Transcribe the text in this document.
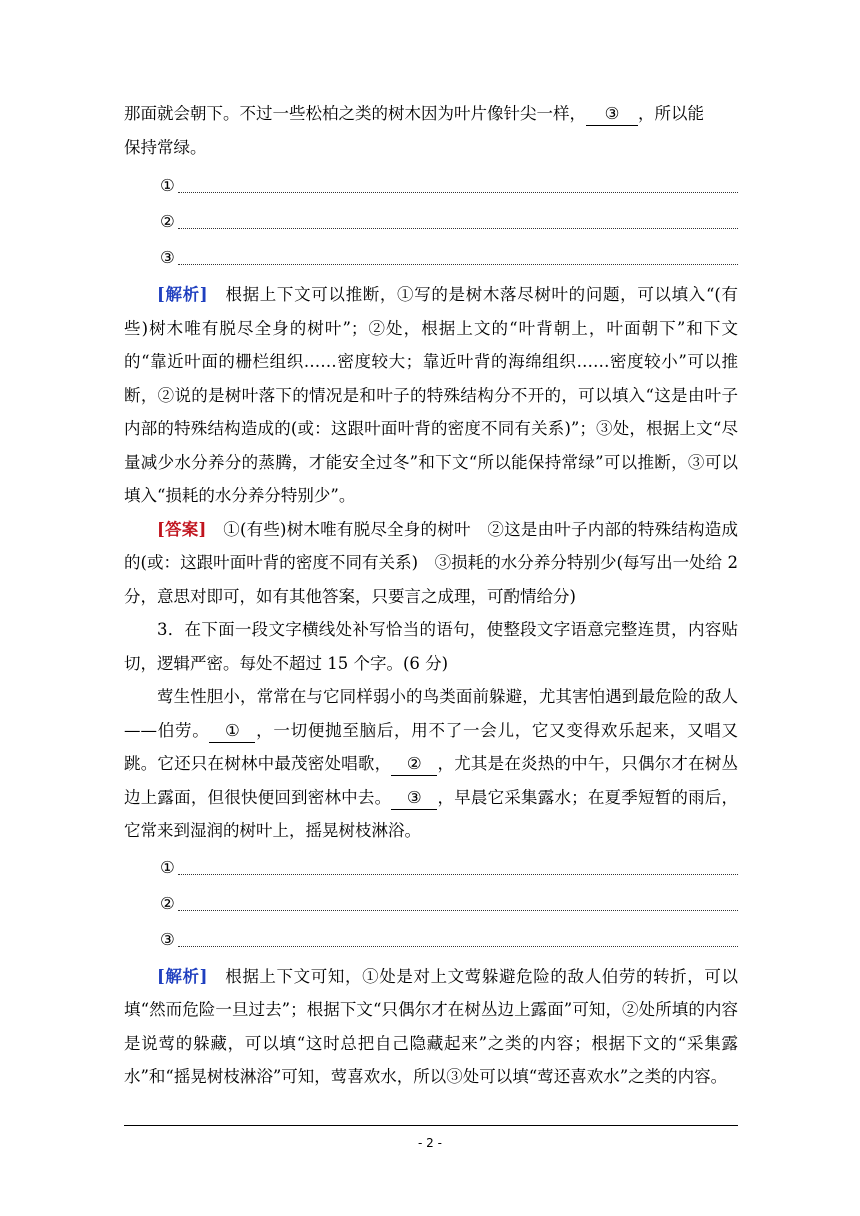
那面就会朝下。不过一些松柏之类的树木因为叶片像针尖一样， ③ ，所以能
保持常绿。

①
②
③

[解析]　 根据上下文可以推断，①写的是树木落尽树叶的问题，可以填入“(有些)树木唯有脱尽全身的树叶”；②处，根据上文的“叶背朝上，叶面朝下”和下文的“靠近叶面的栅栏组织……密度较大；靠近叶背的海绵组织……密度较小”可以推断，②说的是树叶落下的情况是和叶子的特殊结构分不开的，可以填入“这是由叶子内部的特殊结构造成的(或：这跟叶面叶背的密度不同有关系)”；③处，根据上文“尽量减少水分养分的蒸腾，才能安全过冬”和下文“所以能保持常绿”可以推断，③可以填入“损耗的水分养分特别少”。

[答案]　 ①(有些)树木唯有脱尽全身的树叶　②这是由叶子内部的特殊结构造成的(或：这跟叶面叶背的密度不同有关系)　③损耗的水分养分特别少(每写出一处给 2 分，意思对即可，如有其他答案，只要言之成理，可酌情给分)

3．在下面一段文字横线处补写恰当的语句，使整段文字语意完整连贯，内容贴切，逻辑严密。每处不超过 15 个字。(6 分)

莺生性胆小，常常在与它同样弱小的鸟类面前躲避，尤其害怕遇到最危险的敌人——伯劳。 ① ，一切便抛至脑后，用不了一会儿，它又变得欢乐起来，又唱又跳。它还只在树林中最茂密处唱歌， ② ，尤其是在炎热的中午，只偶尔才在树丛边上露面，但很快便回到密林中去。 ③ ，早晨它采集露水；在夏季短暂的雨后，它常来到湿润的树叶上，摇晃树枝淋浴。

①
②
③

[解析]　 根据上下文可知，①处是对上文莺躲避危险的敌人伯劳的转折，可以填“然而危险一旦过去”；根据下文“只偶尔才在树丛边上露面”可知，②处所填的内容是说莺的躲藏，可以填“这时总把自己隐藏起来”之类的内容；根据下文的“采集露水”和“摇晃树枝淋浴”可知，莺喜欢水，所以③处可以填“莺还喜欢水”之类的内容。

- 2 -
